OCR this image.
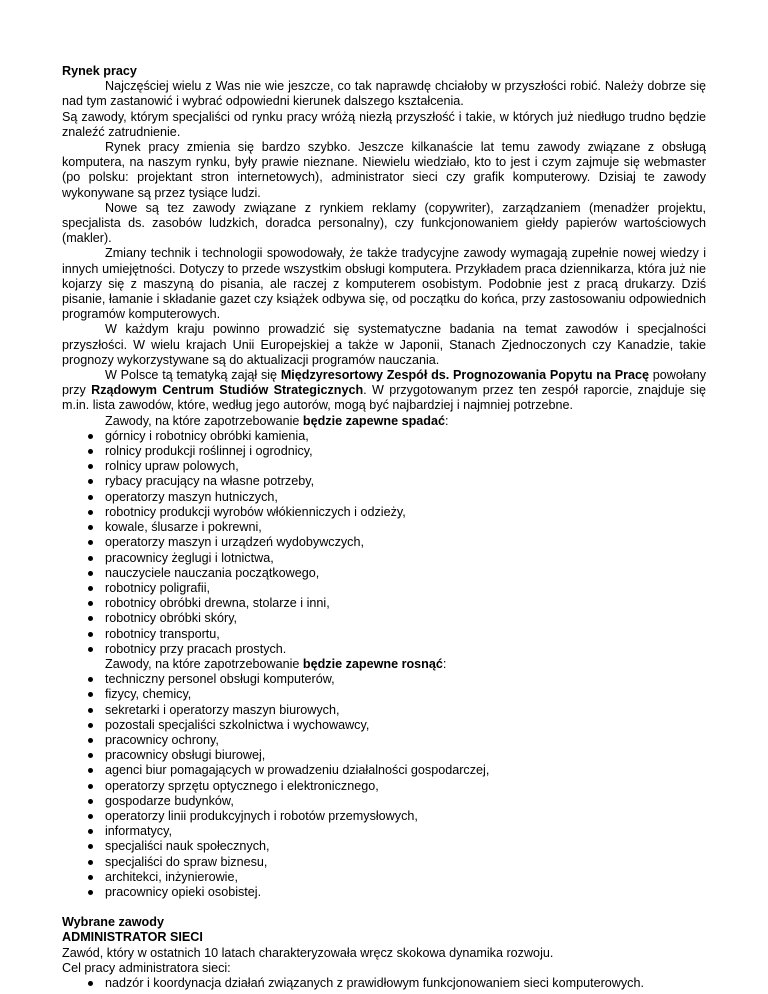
Rynek pracy

Najczęściej wielu z Was nie wie jeszcze, co tak naprawdę chciałoby w przyszłości robić. Należy dobrze się nad tym zastanowić i wybrać odpowiedni kierunek dalszego kształcenia.

Są zawody, którym specjaliści od rynku pracy wróżą niezłą przyszłość i takie, w których już niedługo trudno będzie znaleźć zatrudnienie.

Rynek pracy zmienia się bardzo szybko. Jeszcze kilkanaście lat temu zawody związane z obsługą komputera, na naszym rynku, były prawie nieznane. Niewielu wiedziało, kto to jest i czym zajmuje się webmaster (po polsku: projektant stron internetowych), administrator sieci czy grafik komputerowy. Dzisiaj te zawody wykonywane są przez tysiące ludzi.

Nowe są tez zawody związane z rynkiem reklamy (copywriter), zarządzaniem (menadżer projektu, specjalista ds. zasobów ludzkich, doradca personalny), czy funkcjonowaniem giełdy papierów wartościowych (makler).

Zmiany technik i technologii spowodowały, że także tradycyjne zawody wymagają zupełnie nowej wiedzy i innych umiejętności. Dotyczy to przede wszystkim obsługi komputera. Przykładem praca dziennikarza, która już nie kojarzy się z maszyną do pisania, ale raczej z komputerem osobistym. Podobnie jest z pracą drukarzy. Dziś pisanie, łamanie i składanie gazet czy książek odbywa się, od początku do końca, przy zastosowaniu odpowiednich programów komputerowych.

W każdym kraju powinno prowadzić się systematyczne badania na temat zawodów i specjalności przyszłości. W wielu krajach Unii Europejskiej a także w Japonii, Stanach Zjednoczonych czy Kanadzie, takie prognozy wykorzystywane są do aktualizacji programów nauczania.

W Polsce tą tematyką zajął się Międzyresortowy Zespół ds. Prognozowania Popytu na Pracę powołany przy Rządowym Centrum Studiów Strategicznych. W przygotowanym przez ten zespół raporcie, znajduje się m.in. lista zawodów, które, według jego autorów, mogą być najbardziej i najmniej potrzebne.

Zawody, na które zapotrzebowanie będzie zapewne spadać:

górnicy i robotnicy obróbki kamienia,
rolnicy produkcji roślinnej i ogrodnicy,
rolnicy upraw polowych,
rybacy pracujący na własne potrzeby,
operatorzy maszyn hutniczych,
robotnicy produkcji wyrobów włókienniczych i odzieży,
kowale, ślusarze i pokrewni,
operatorzy maszyn i urządzeń wydobywczych,
pracownicy żeglugi i lotnictwa,
nauczyciele nauczania początkowego,
robotnicy poligrafii,
robotnicy obróbki drewna, stolarze i inni,
robotnicy obróbki skóry,
robotnicy transportu,
robotnicy przy pracach prostych.

Zawody, na które zapotrzebowanie będzie zapewne rosnąć:

techniczny personel obsługi komputerów,
fizycy, chemicy,
sekretarki i operatorzy maszyn biurowych,
pozostali specjaliści szkolnictwa i wychowawcy,
pracownicy ochrony,
pracownicy obsługi biurowej,
agenci biur pomagających w prowadzeniu działalności gospodarczej,
operatorzy sprzętu optycznego i elektronicznego,
gospodarze budynków,
operatorzy linii produkcyjnych i robotów przemysłowych,
informatycy,
specjaliści nauk społecznych,
specjaliści do spraw biznesu,
architekci, inżynierowie,
pracownicy opieki osobistej.
Wybrane zawody
ADMINISTRATOR SIECI

Zawód, który w ostatnich 10 latach charakteryzowała wręcz skokowa dynamika rozwoju.

Cel pracy administratora sieci:

nadzór i koordynacja działań związanych z prawidłowym funkcjonowaniem sieci komputerowych.
